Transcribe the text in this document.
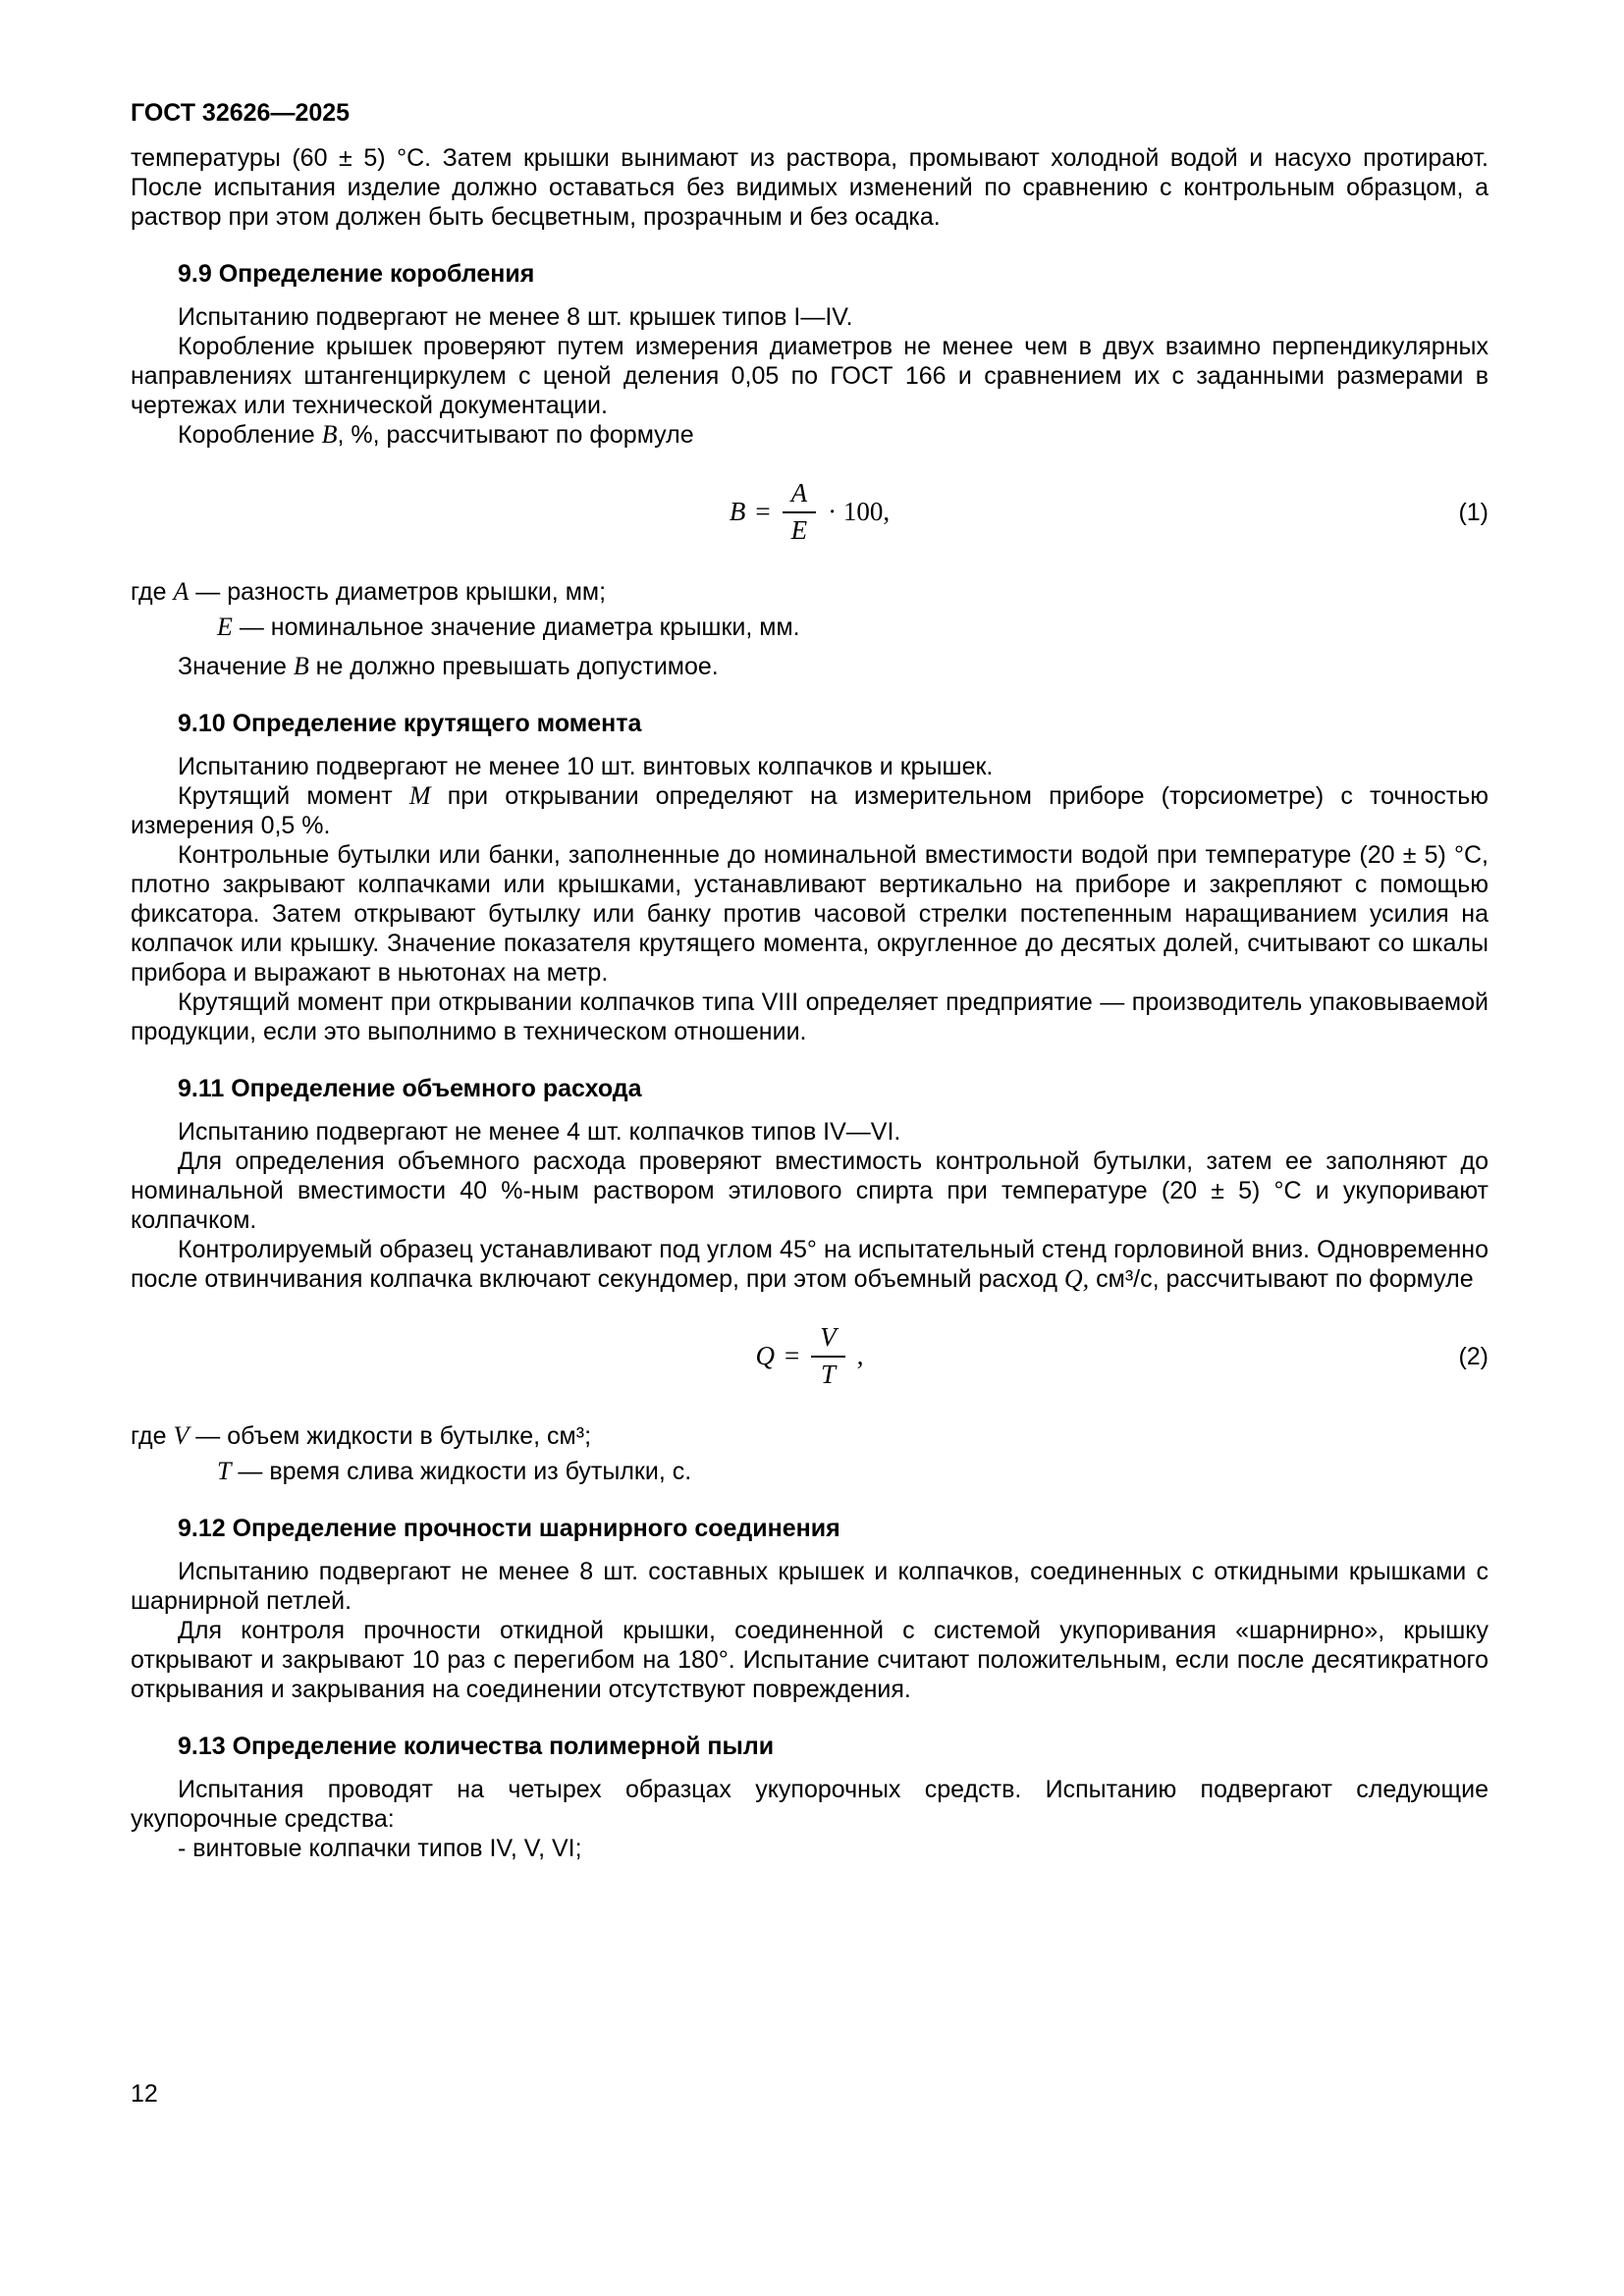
ГОСТ 32626—2025

температуры (60 ± 5) °С. Затем крышки вынимают из раствора, промывают холодной водой и насухо протирают. После испытания изделие должно оставаться без видимых изменений по сравнению с контрольным образцом, а раствор при этом должен быть бесцветным, прозрачным и без осадка.

9.9 Определение коробления

Испытанию подвергают не менее 8 шт. крышек типов I—IV.

Коробление крышек проверяют путем измерения диаметров не менее чем в двух взаимно перпендикулярных направлениях штангенциркулем с ценой деления 0,05 по ГОСТ 166 и сравнением их с заданными размерами в чертежах или технической документации.

Коробление B, %, рассчитывают по формуле

$B = \frac{A}{E} \cdot 100$,	(1)
где A — разность диаметров крышки, мм;
E — номинальное значение диаметра крышки, мм.

Значение B не должно превышать допустимое.

9.10 Определение крутящего момента

Испытанию подвергают не менее 10 шт. винтовых колпачков и крышек.

Крутящий момент M при открывании определяют на измерительном приборе (торсиометре) с точностью измерения 0,5 %.

Контрольные бутылки или банки, заполненные до номинальной вместимости водой при температуре (20 ± 5) °С, плотно закрывают колпачками или крышками, устанавливают вертикально на приборе и закрепляют с помощью фиксатора. Затем открывают бутылку или банку против часовой стрелки постепенным наращиванием усилия на колпачок или крышку. Значение показателя крутящего момента, округленное до десятых долей, считывают со шкалы прибора и выражают в ньютонах на метр.

Крутящий момент при открывании колпачков типа VIII определяет предприятие — производитель упаковываемой продукции, если это выполнимо в техническом отношении.

9.11 Определение объемного расхода

Испытанию подвергают не менее 4 шт. колпачков типов IV—VI.

Для определения объемного расхода проверяют вместимость контрольной бутылки, затем ее заполняют до номинальной вместимости 40 %-ным раствором этилового спирта при температуре (20 ± 5) °С и укупоривают колпачком.

Контролируемый образец устанавливают под углом 45° на испытательный стенд горловиной вниз. Одновременно после отвинчивания колпачка включают секундомер, при этом объемный расход Q, см³/с, рассчитывают по формуле

$Q = \frac{V}{T}$ ,	(2)
где V — объем жидкости в бутылке, см³;
T — время слива жидкости из бутылки, с.
9.12 Определение прочности шарнирного соединения

Испытанию подвергают не менее 8 шт. составных крышек и колпачков, соединенных с откидными крышками с шарнирной петлей.

Для контроля прочности откидной крышки, соединенной с системой укупоривания «шарнирно», крышку открывают и закрывают 10 раз с перегибом на 180°. Испытание считают положительным, если после десятикратного открывания и закрывания на соединении отсутствуют повреждения.

9.13 Определение количества полимерной пыли

Испытания проводят на четырех образцах укупорочных средств. Испытанию подвергают следующие укупорочные средства:

- винтовые колпачки типов IV, V, VI;

12
